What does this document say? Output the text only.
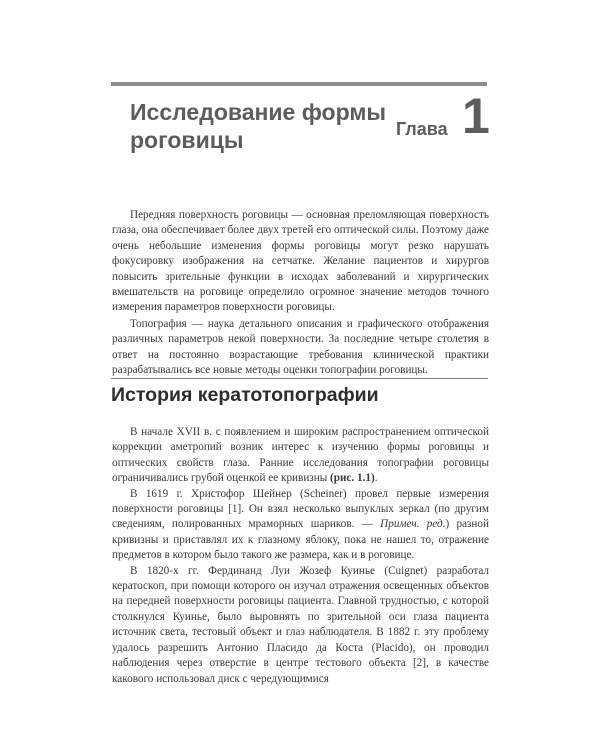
Исследование формы роговицы	Глава 1

Передняя поверхность роговицы — основная преломляющая поверхность глаза, она обеспечивает более двух третей его оптической силы. Поэтому даже очень небольшие изменения формы роговицы могут резко нарушать фокусировку изображения на сетчатке. Желание пациентов и хирургов повысить зрительные функции в исходах заболеваний и хирургических вмешательств на роговице определило огромное значение методов точного измерения параметров поверхности роговицы.

Топография — наука детального описания и графического отображения различных параметров некой поверхности. За последние четыре столетия в ответ на постоянно возрастающие требования клинической практики разрабатывались все новые методы оценки топографии роговицы.

История кератотопографии

В начале XVII в. с появлением и широким распространением оптической коррекции аметропий возник интерес к изучению формы роговицы и оптических свойств глаза. Ранние исследования топографии роговицы ограничивались грубой оценкой ее кривизны (рис. 1.1).

В 1619 г. Христофор Шейнер (Scheiner) провел первые измерения поверхности роговицы [1]. Он взял несколько выпуклых зеркал (по другим сведениям, полированных мраморных шариков. — Примеч. ред.) разной кривизны и приставлял их к глазному яблоку, пока не нашел то, отражение предметов в котором было такого же размера, как и в роговице.

В 1820-х гг. Фердинанд Луи Жозеф Куинье (Cuignet) разработал кератоскоп, при помощи которого он изучал отражения освещенных объектов на передней поверхности роговицы пациента. Главной трудностью, с которой столкнулся Куинье, было выровнять по зрительной оси глаза пациента источник света, тестовый объект и глаз наблюдателя. В 1882 г. эту проблему удалось разрешить Антонио Пласидо да Коста (Placido), он проводил наблюдения через отверстие в центре тестового объекта [2], в качестве какового использовал диск с чередующимися
